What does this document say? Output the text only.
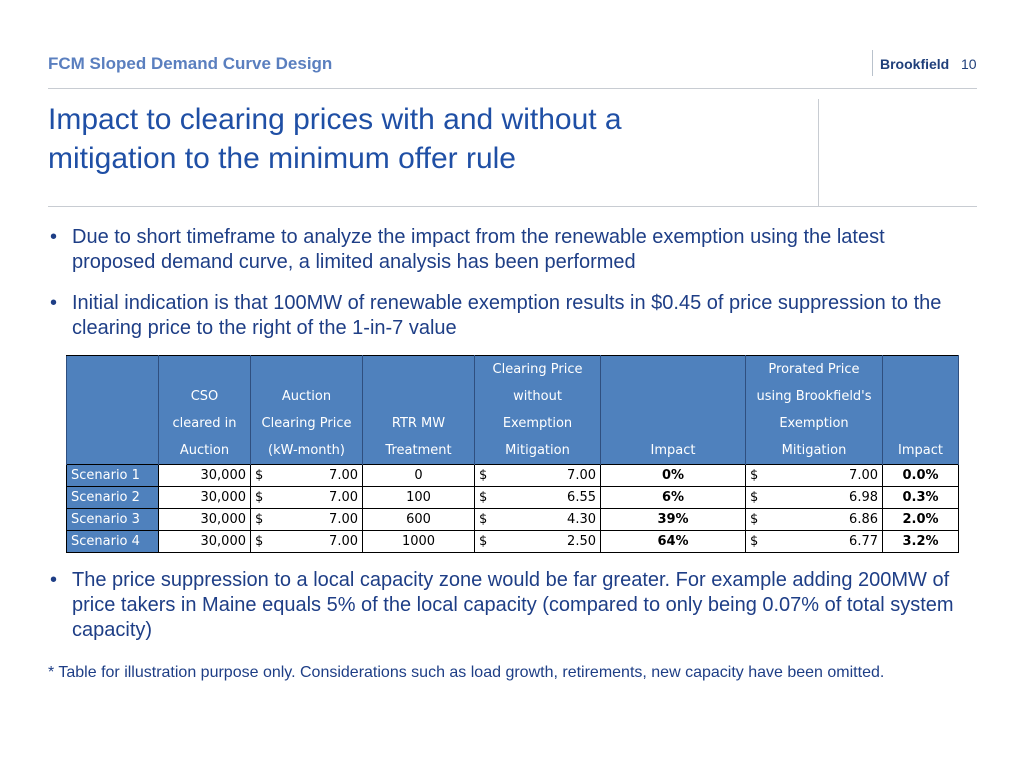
FCM Sloped Demand Curve Design	Brookfield 10
Impact to clearing prices with and without a
mitigation to the minimum offer rule
• Due to short timeframe to analyze the impact from the renewable exemption using the latest proposed demand curve, a limited analysis has been performed
• Initial indication is that 100MW of renewable exemption results in $0.45 of price suppression to the clearing price to the right of the 1-in-7 value
				Clearing Price		Prorated Price	
	CSO	Auction		without		using Brookfield's	
	cleared in	Clearing Price	RTR MW	Exemption		Exemption	
	Auction	(kW-month)	Treatment	Mitigation	Impact	Mitigation	Impact
Scenario 1	30,000	$ 7.00	0	$ 7.00	0%	$ 7.00	0.0%
Scenario 2	30,000	$ 7.00	100	$ 6.55	6%	$ 6.98	0.3%
Scenario 3	30,000	$ 7.00	600	$ 4.30	39%	$ 6.86	2.0%
Scenario 4	30,000	$ 7.00	1000	$ 2.50	64%	$ 6.77	3.2%
• The price suppression to a local capacity zone would be far greater. For example adding 200MW of price takers in Maine equals 5% of the local capacity (compared to only being 0.07% of total system capacity)
* Table for illustration purpose only. Considerations such as load growth, retirements, new capacity have been omitted.
